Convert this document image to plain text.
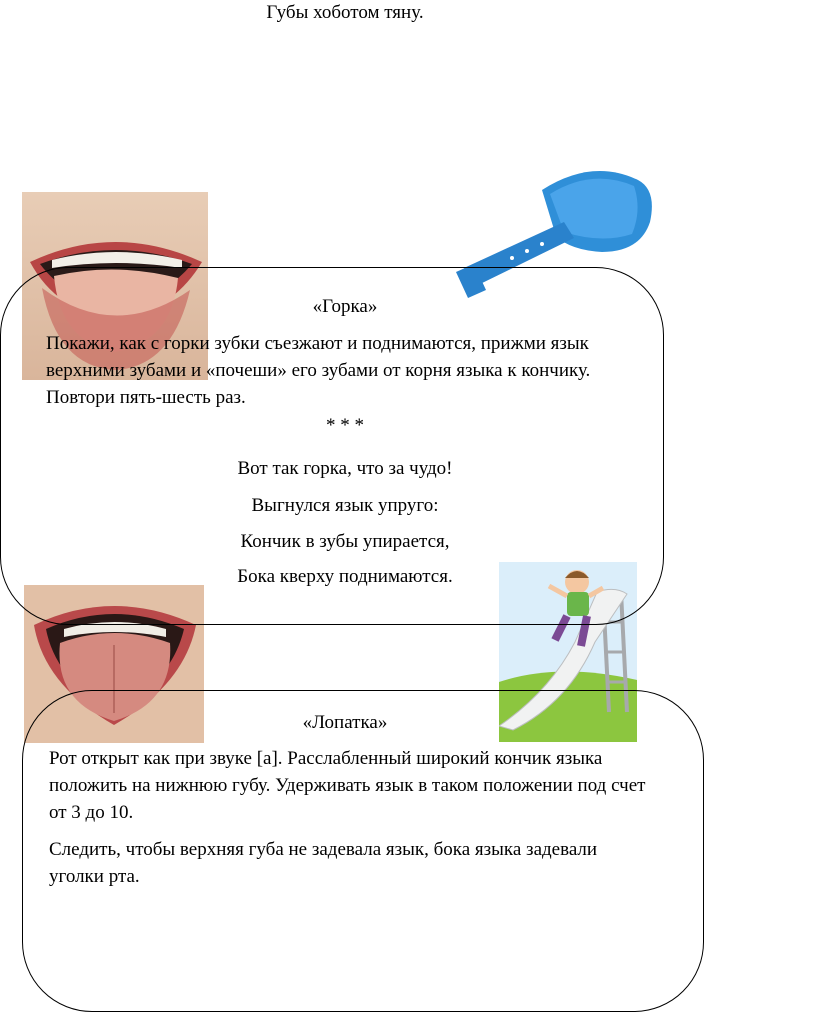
Губы хоботом тяну.
«Горка»
Покажи, как с горки зубки съезжают и поднимаются, прижми язык верхними зубами и «почеши» его зубами от корня языка к кончику. Повтори пять-шесть раз.
* * *
Вот так горка, что за чудо!
Выгнулся язык упруго:
Кончик в зубы упирается,
Бока кверху поднимаются.
«Лопатка»
Рот открыт как при звуке [а]. Расслабленный широкий кончик языка положить на нижнюю губу. Удерживать язык в таком положении под счет от 3 до 10.
Следить, чтобы верхняя губа не задевала язык, бока языка задевали уголки рта.
